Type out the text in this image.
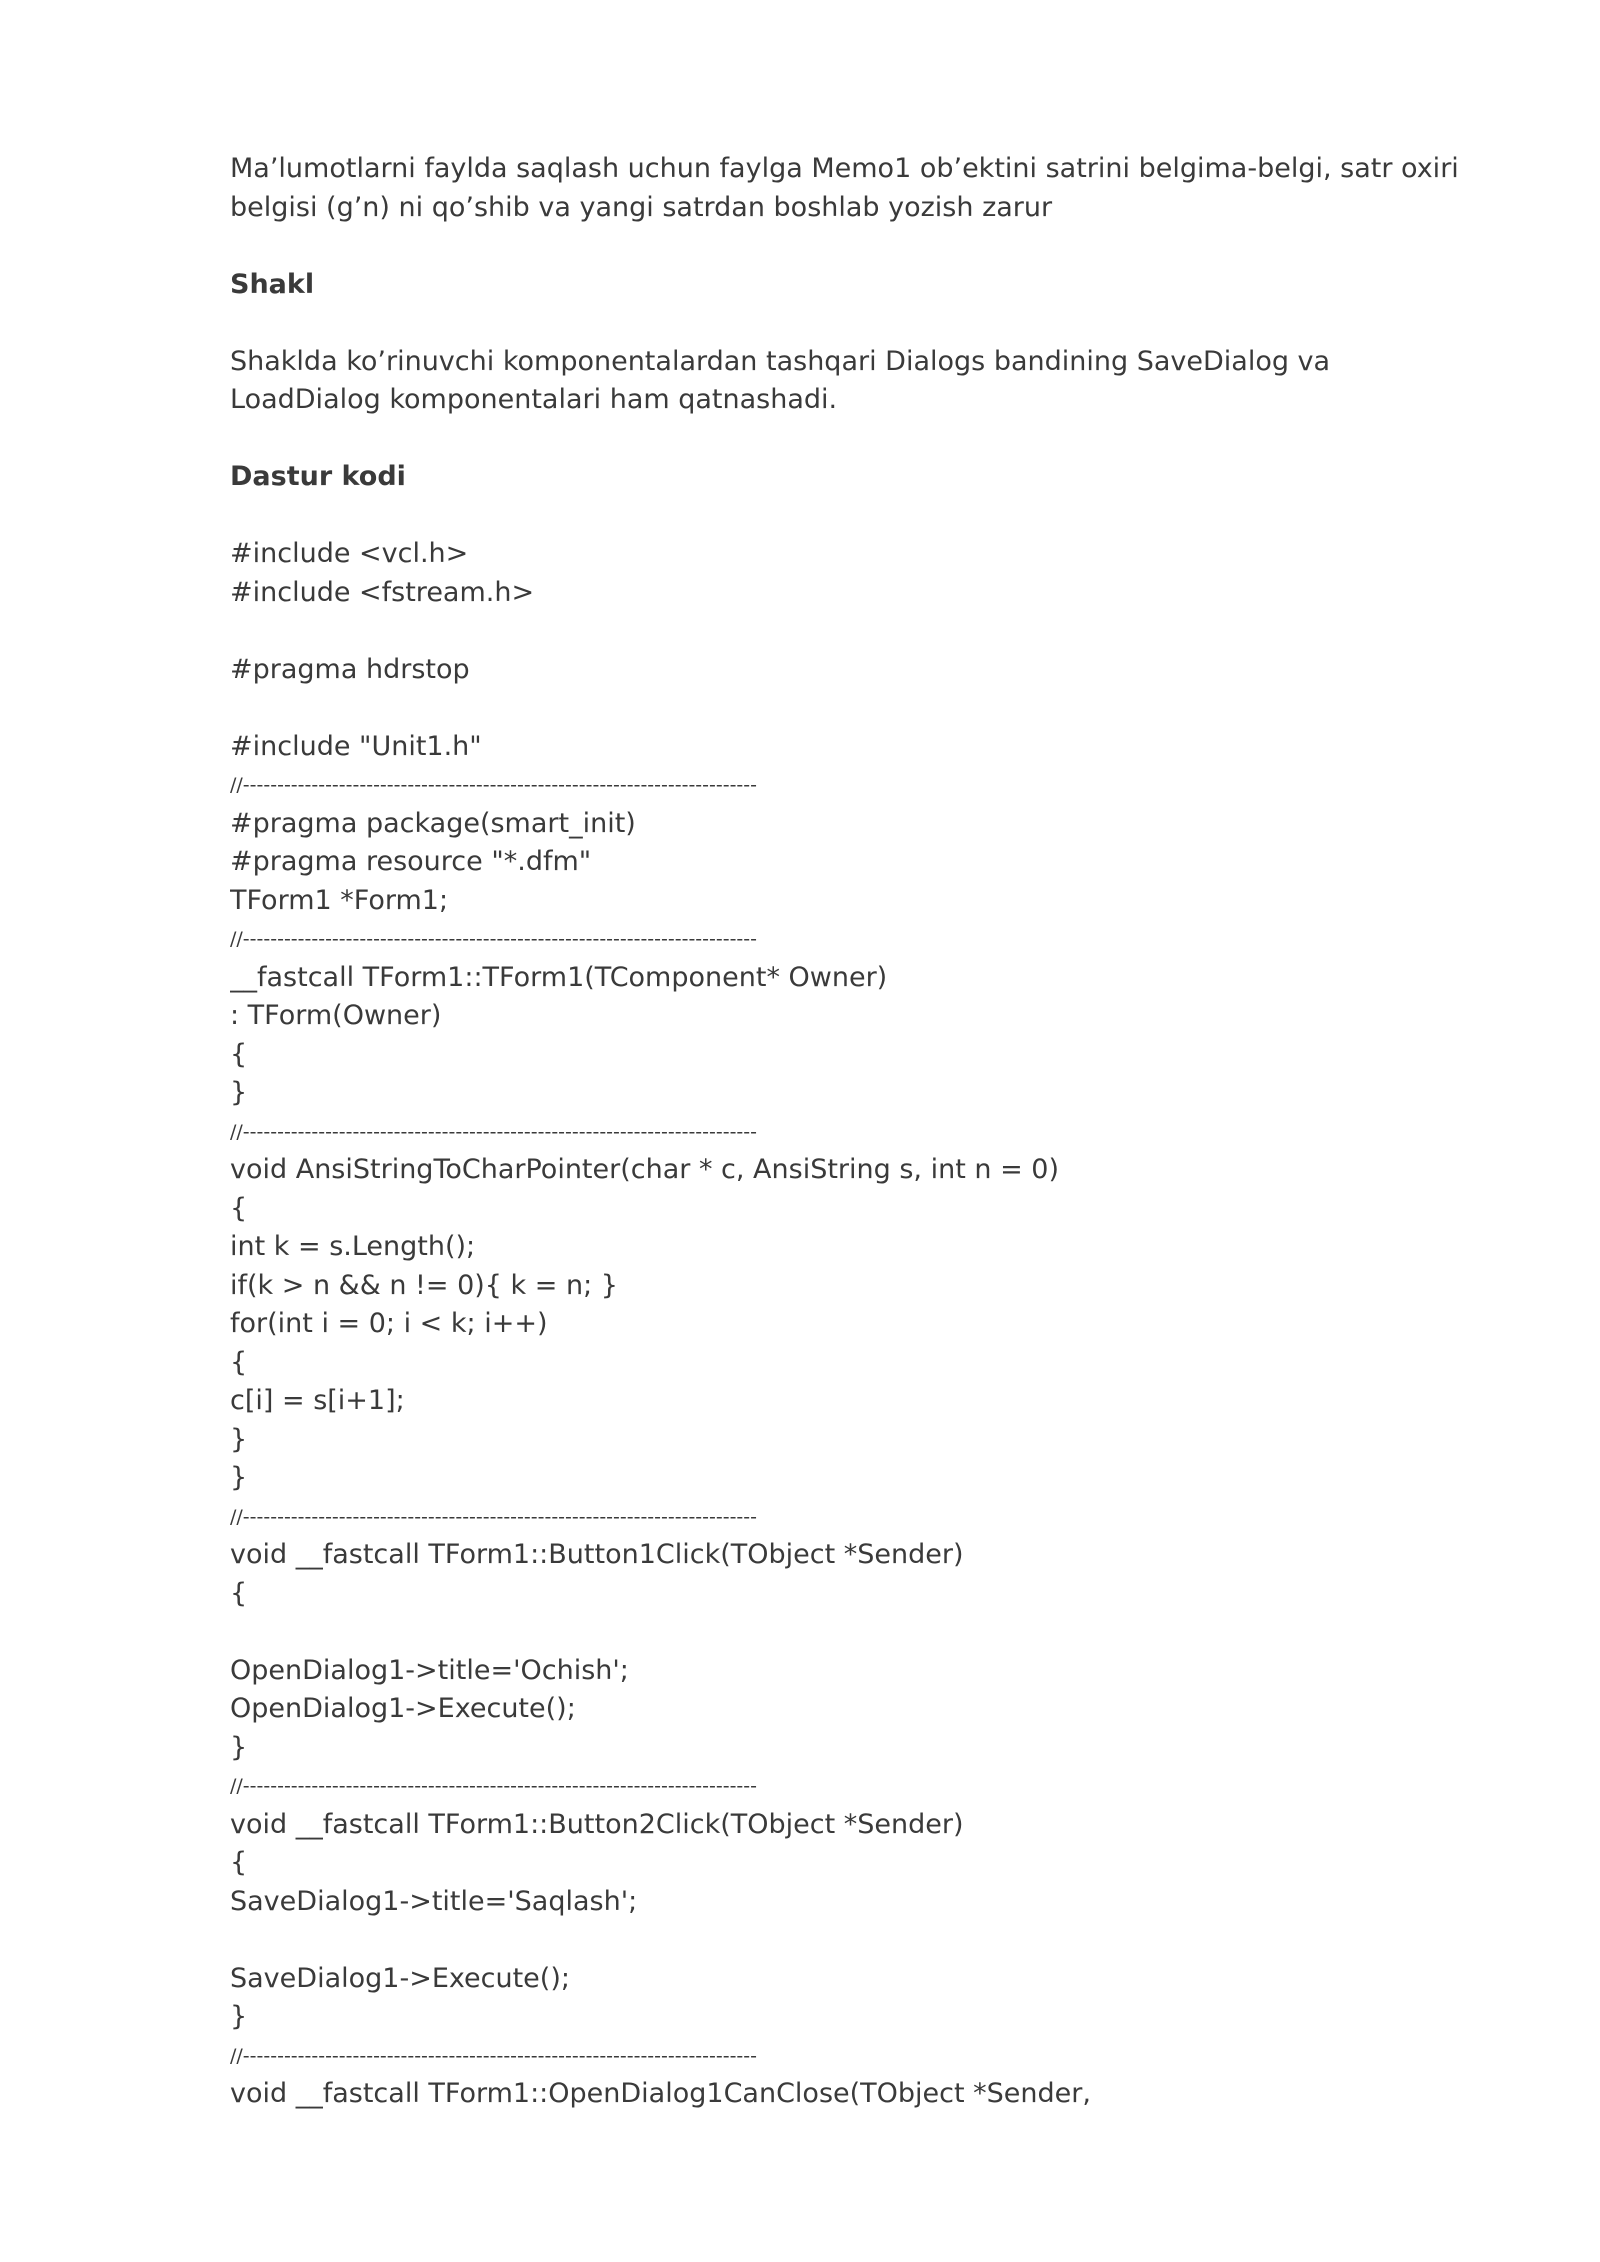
Ma’lumotlarni faylda saqlash uchun faylga Memo1 ob’ektini satrini belgima-belgi, satr oxiri belgisi (g’n) ni qo’shib va yangi satrdan boshlab yozish zarur

Shakl

Shaklda ko’rinuvchi komponentalardan tashqari Dialogs bandining SaveDialog va LoadDialog komponentalari ham qatnashadi.

Dastur kodi

#include <vcl.h>
#include <fstream.h>
#pragma hdrstop
#include "Unit1.h"
//---------------------------------------------------------------------------
#pragma package(smart_init)
#pragma resource "*.dfm"
TForm1 *Form1;
//---------------------------------------------------------------------------
__fastcall TForm1::TForm1(TComponent* Owner)
: TForm(Owner)
{
}
//---------------------------------------------------------------------------
void AnsiStringToCharPointer(char * c, AnsiString s, int n = 0)
{
int k = s.Length();
if(k > n && n != 0){ k = n; }
for(int i = 0; i < k; i++)
{
c[i] = s[i+1];
}
}
//---------------------------------------------------------------------------
void __fastcall TForm1::Button1Click(TObject *Sender)
{
OpenDialog1->title='Ochish';
OpenDialog1->Execute();
}
//---------------------------------------------------------------------------
void __fastcall TForm1::Button2Click(TObject *Sender)
{
SaveDialog1->title='Saqlash';
SaveDialog1->Execute();
}
//---------------------------------------------------------------------------
void __fastcall TForm1::OpenDialog1CanClose(TObject *Sender,
